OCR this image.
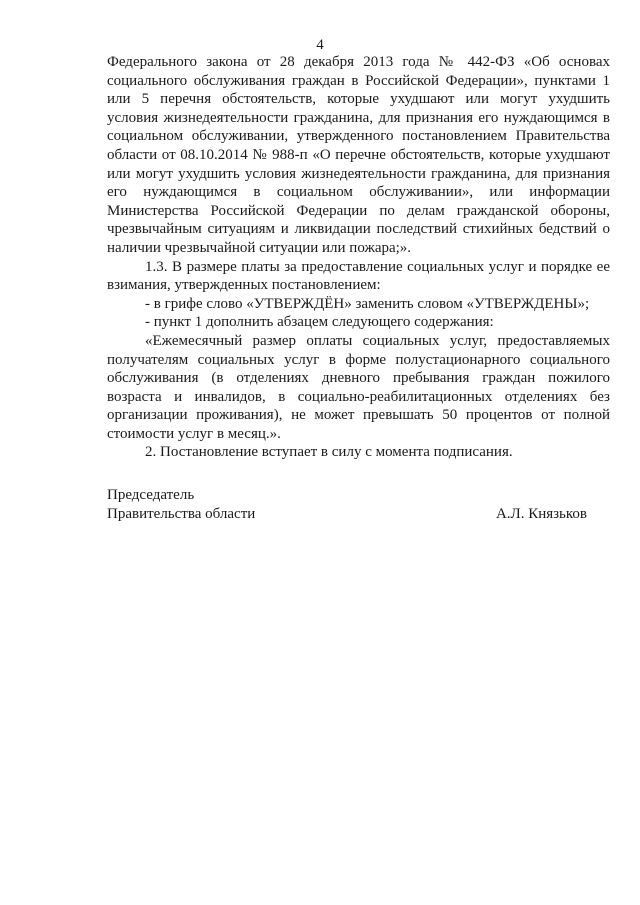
4
Федерального закона от 28 декабря 2013 года № 442-ФЗ «Об основах
социального обслуживания граждан в Российской Федерации», пунктами 1
или 5 перечня обстоятельств, которые ухудшают или могут ухудшить
условия жизнедеятельности гражданина, для признания его нуждающимся в
социальном обслуживании, утвержденного постановлением Правительства
области от 08.10.2014 № 988-п «О перечне обстоятельств, которые ухудшают
или могут ухудшить условия жизнедеятельности гражданина, для признания
его нуждающимся в социальном обслуживании», или информации
Министерства Российской Федерации по делам гражданской обороны,
чрезвычайным ситуациям и ликвидации последствий стихийных бедствий о
наличии чрезвычайной ситуации или пожара;».
1.3. В размере платы за предоставление социальных услуг и порядке ее
взимания, утвержденных постановлением:
- в грифе слово «УТВЕРЖДЁН» заменить словом «УТВЕРЖДЕНЫ»;
- пункт 1 дополнить абзацем следующего содержания:
«Ежемесячный размер оплаты социальных услуг, предоставляемых
получателям социальных услуг в форме полустационарного социального
обслуживания (в отделениях дневного пребывания граждан пожилого
возраста и инвалидов, в социально-реабилитационных отделениях без
организации проживания), не может превышать 50 процентов от полной
стоимости услуг в месяц.».
2. Постановление вступает в силу с момента подписания.
Председатель
Правительства области	А.Л. Князьков
